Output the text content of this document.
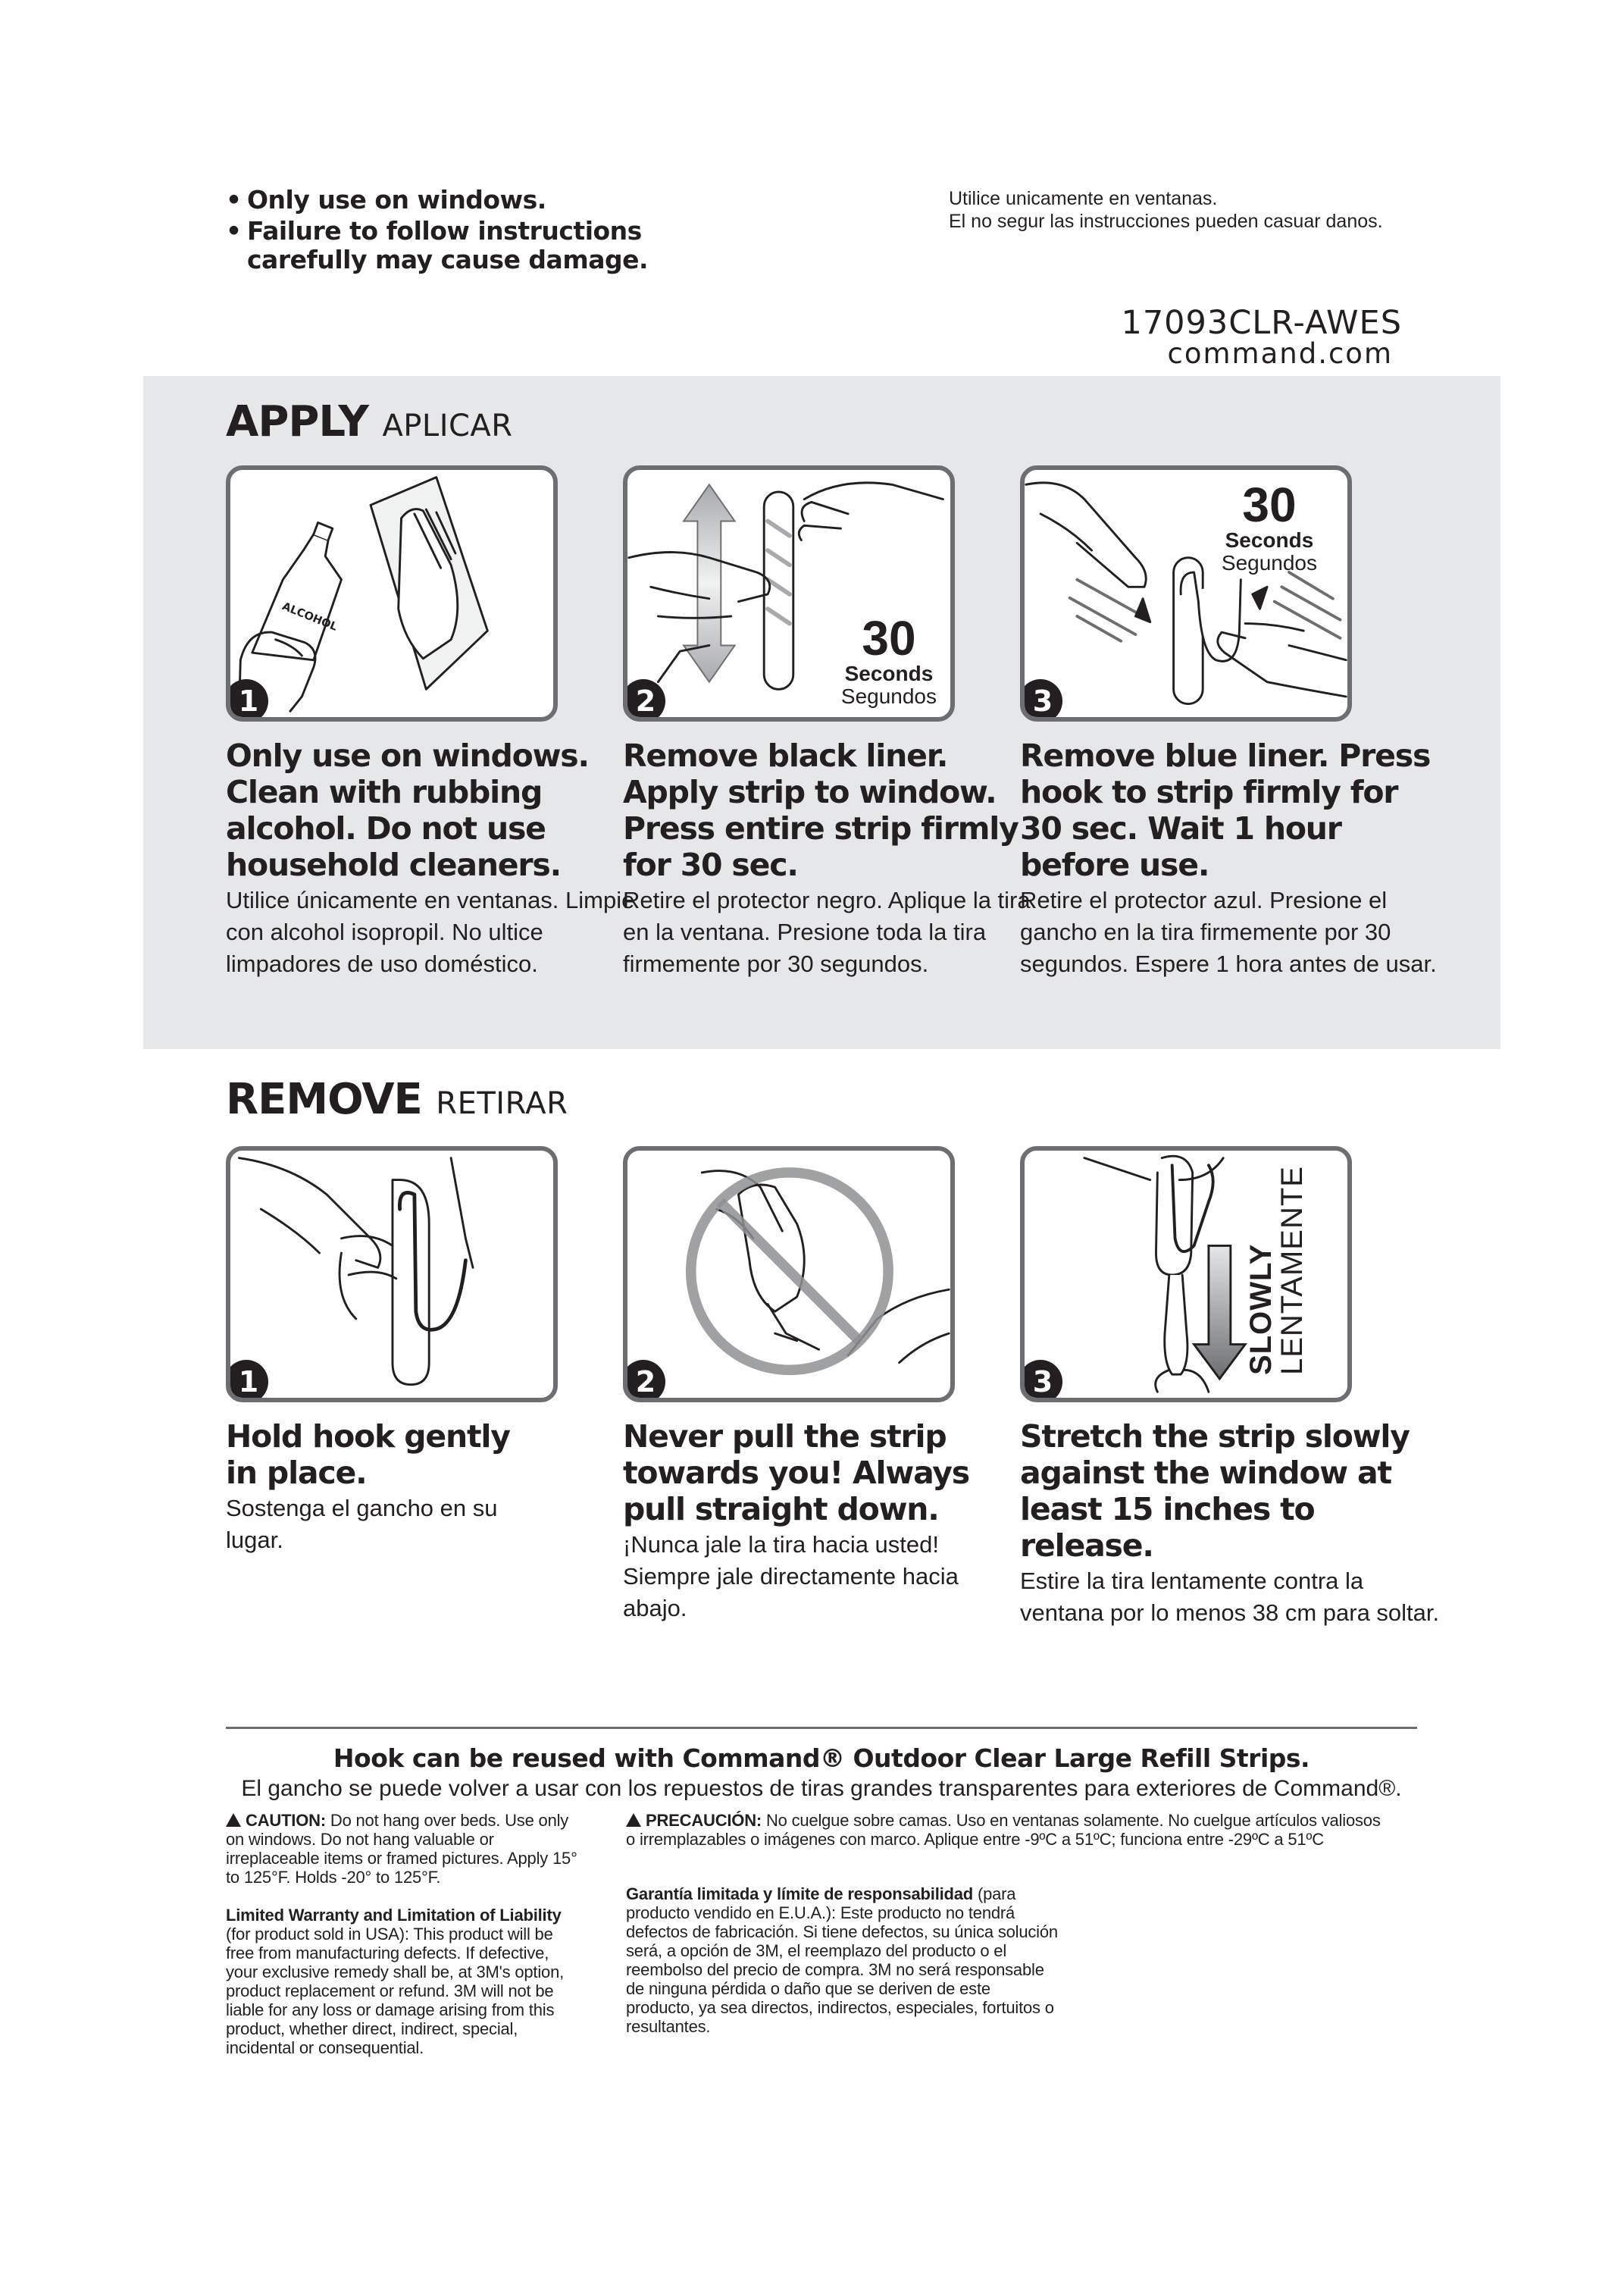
• Only use on windows.
• Failure to follow instructions carefully may cause damage.
Utilice unicamente en ventanas.
El no segur las instrucciones pueden casuar danos.
17093CLR-AWES
command.com
APPLY APLICAR
ALCOHOL
1
30
Seconds
Segundos
2
30
Seconds
Segundos
3
Only use on windows. Clean with rubbing alcohol. Do not use household cleaners.
Utilice únicamente en ventanas. Limpie con alcohol isopropil. No ultice limpadores de uso doméstico.
Remove black liner. Apply strip to window. Press entire strip firmly for 30 sec.
Retire el protector negro. Aplique la tira en la ventana. Presione toda la tira firmemente por 30 segundos.
Remove blue liner. Press hook to strip firmly for 30 sec. Wait 1 hour before use.
Retire el protector azul. Presione el gancho en la tira firmemente por 30 segundos. Espere 1 hora antes de usar.
REMOVE RETIRAR
1	2
SLOWLY
LENTAMENTE
3
Hold hook gently in place.
Sostenga el gancho en su lugar.
Never pull the strip towards you! Always pull straight down.
¡Nunca jale la tira hacia usted! Siempre jale directamente hacia abajo.
Stretch the strip slowly against the window at least 15 inches to release.
Estire la tira lentamente contra la ventana por lo menos 38 cm para soltar.
Hook can be reused with Command® Outdoor Clear Large Refill Strips.
El gancho se puede volver a usar con los repuestos de tiras grandes transparentes para exteriores de Command®.
CAUTION: Do not hang over beds. Use only on windows. Do not hang valuable or irreplaceable items or framed pictures. Apply 15° to 125°F. Holds -20° to 125°F.
PRECAUCIÓN: No cuelgue sobre camas. Uso en ventanas solamente. No cuelgue artículos valiosos o irremplazables o imágenes con marco. Aplique entre -9ºC a 51ºC; funciona entre -29ºC a 51ºC
Limited Warranty and Limitation of Liability (for product sold in USA): This product will be free from manufacturing defects. If defective, your exclusive remedy shall be, at 3M's option, product replacement or refund. 3M will not be liable for any loss or damage arising from this product, whether direct, indirect, special, incidental or consequential.
Garantía limitada y límite de responsabilidad (para producto vendido en E.U.A.): Este producto no tendrá defectos de fabricación. Si tiene defectos, su única solución será, a opción de 3M, el reemplazo del producto o el reembolso del precio de compra. 3M no será responsable de ninguna pérdida o daño que se deriven de este producto, ya sea directos, indirectos, especiales, fortuitos o resultantes.
